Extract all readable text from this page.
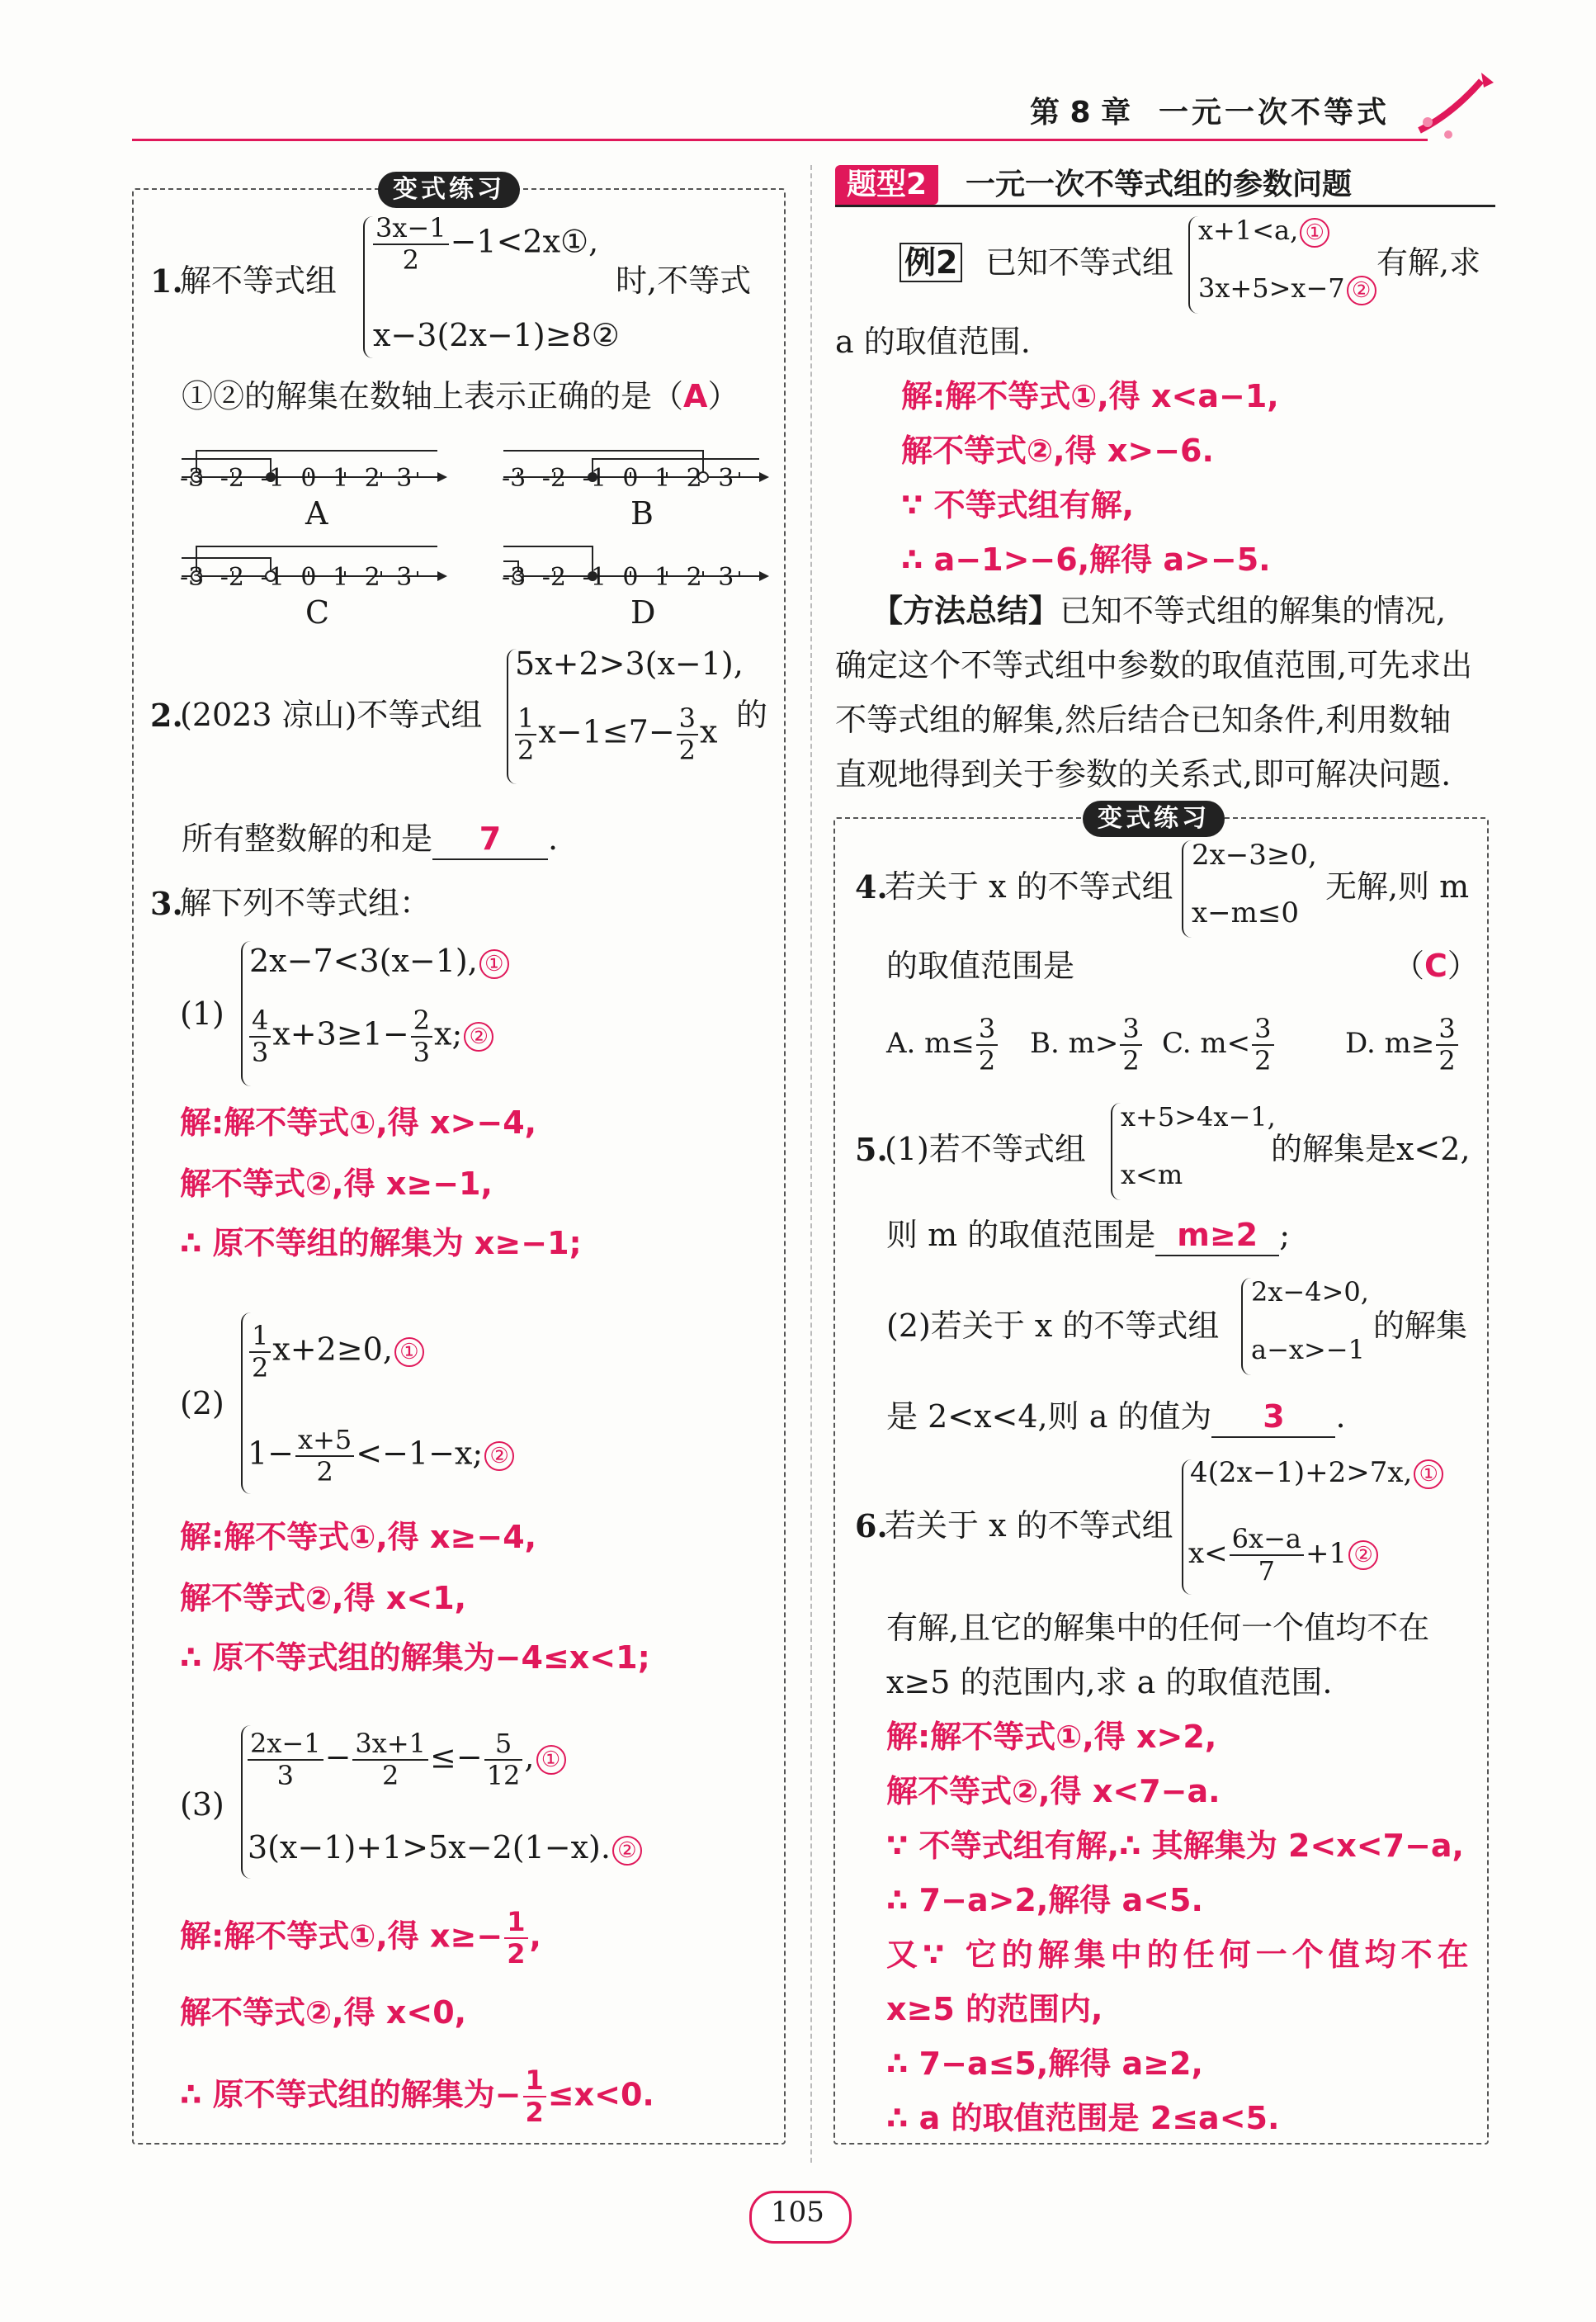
第 8 章 一元一次不等式
变式练习
1.
解不等式组
$\frac{3x-1}{2}$ −1<2x①,
x−3(2x−1)≥8②
时,不等式
①②的解集在数轴上表示正确的是（A）
-3 -2 -1 0 1 2 3	-3 -2 -1 0 1 2 3
-3 -2 -1 0 1 2 3	-3 -2 -1 0 1 2 3
A	B
C	D
2.
(2023 凉山)不等式组
5x+2>3(x−1),
$\frac{1}{2} x-1\le 7- \frac{3}{2}$ x 的
所有整数解的和是 7 .
3.
解下列不等式组：
(1)
2x−7<3(x−1), ①
$\frac{4}{3} x+3\ge 1- \frac{2}{3} x$; ②
解:解不等式①,得 x>−4,
解不等式②,得 x≥−1,
∴ 原不等组的解集为 x≥−1;
(2)
$\frac{1}{2} x+2\ge 0$, ①
$1- \frac{x+5}{2} <-1-x$; ②
解:解不等式①,得 x≥−4,
解不等式②,得 x<1,
∴ 原不等式组的解集为−4≤x<1;
(3)
$\frac{2x-1}{3} - \frac{3x+1}{2} \le- \frac{5}{12}$ , ①
3(x−1)+1>5x−2(1−x). ②
解:解不等式①,得 $x\ge- \frac{1}{2}$ ,
解不等式②,得 x<0,
∴ 原不等式组的解集为− $\frac{1}{2} \le x<0$.
题型2	一元一次不等式组的参数问题
例2 已知不等式组
x+1<a, ①
3x+5>x−7 ②
有解,求
a 的取值范围.
解:解不等式①,得 x<a−1,
解不等式②,得 x>−6.
∵ 不等式组有解,
∴ a−1>−6,解得 a>−5.
【方法总结】已知不等式组的解集的情况,
确定这个不等式组中参数的取值范围,可先求出
不等式组的解集,然后结合已知条件,利用数轴
直观地得到关于参数的关系式,即可解决问题.
变式练习
4.
若关于 x 的不等式组
2x−3≥0,
x−m≤0
无解,则 m
的取值范围是	（C）
A. $m\le \frac{3}{2} B$. $m> \frac{3}{2} C$. $m< \frac{3}{2}$	D. $m\ge \frac{3}{2}$
5.
(1)若不等式组
x+5>4x−1,
x<m
的解集是x<2,
则 m 的取值范围是 m≥2 ;
(2)若关于 x 的不等式组
2x−4>0,
a−x>−1
的解集
是 2<x<4,则 a 的值为 3 .
6.
若关于 x 的不等式组
4(2x−1)+2>7x, ①
$x< \frac{6x-a}{7} +1$ ②
有解,且它的解集中的任何一个值均不在
x≥5 的范围内,求 a 的取值范围.
解:解不等式①,得 x>2,
解不等式②,得 x<7−a.
∵ 不等式组有解,∴ 其解集为 2<x<7−a,
∴ 7−a>2,解得 a<5.
又∵ 它的解集中的任何一个值均不在
x≥5 的范围内,
∴ 7−a≤5,解得 a≥2,
∴ a 的取值范围是 2≤a<5.
105
